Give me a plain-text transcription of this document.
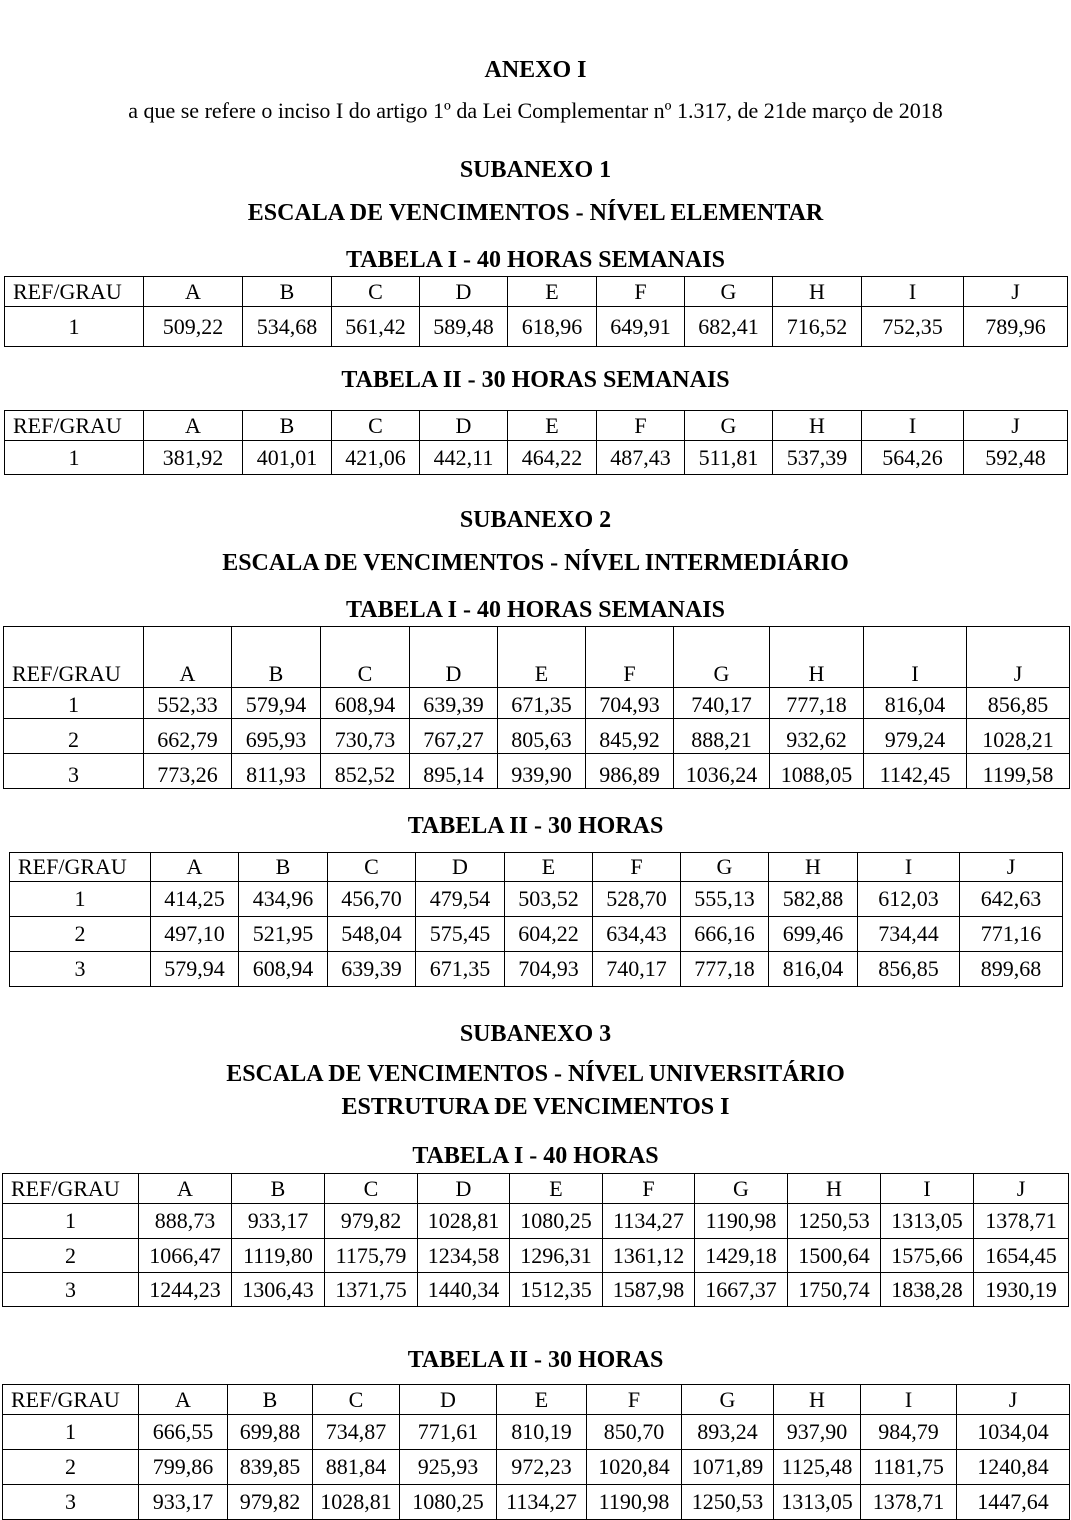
ANEXO I
a que se refere o inciso I do artigo 1º da Lei Complementar nº 1.317, de 21de março de 2018
SUBANEXO 1
ESCALA DE VENCIMENTOS - NÍVEL ELEMENTAR
TABELA I - 40 HORAS SEMANAIS
REF/GRAU	A	B	C	D	E	F	G	H	I	J
1	509,22	534,68	561,42	589,48	618,96	649,91	682,41	716,52	752,35	789,96
TABELA II - 30 HORAS SEMANAIS
REF/GRAU	A	B	C	D	E	F	G	H	I	J
1	381,92	401,01	421,06	442,11	464,22	487,43	511,81	537,39	564,26	592,48
SUBANEXO 2
ESCALA DE VENCIMENTOS - NÍVEL INTERMEDIÁRIO
TABELA I - 40 HORAS SEMANAIS
REF/GRAU	A	B	C	D	E	F	G	H	I	J
1	552,33	579,94	608,94	639,39	671,35	704,93	740,17	777,18	816,04	856,85
2	662,79	695,93	730,73	767,27	805,63	845,92	888,21	932,62	979,24	1028,21
3	773,26	811,93	852,52	895,14	939,90	986,89	1036,24	1088,05	1142,45	1199,58
TABELA II - 30 HORAS
REF/GRAU	A	B	C	D	E	F	G	H	I	J
1	414,25	434,96	456,70	479,54	503,52	528,70	555,13	582,88	612,03	642,63
2	497,10	521,95	548,04	575,45	604,22	634,43	666,16	699,46	734,44	771,16
3	579,94	608,94	639,39	671,35	704,93	740,17	777,18	816,04	856,85	899,68
SUBANEXO 3
ESCALA DE VENCIMENTOS - NÍVEL UNIVERSITÁRIO
ESTRUTURA DE VENCIMENTOS I
TABELA I - 40 HORAS
REF/GRAU	A	B	C	D	E	F	G	H	I	J
1	888,73	933,17	979,82	1028,81	1080,25	1134,27	1190,98	1250,53	1313,05	1378,71
2	1066,47	1119,80	1175,79	1234,58	1296,31	1361,12	1429,18	1500,64	1575,66	1654,45
3	1244,23	1306,43	1371,75	1440,34	1512,35	1587,98	1667,37	1750,74	1838,28	1930,19
TABELA II - 30 HORAS
REF/GRAU	A	B	C	D	E	F	G	H	I	J
1	666,55	699,88	734,87	771,61	810,19	850,70	893,24	937,90	984,79	1034,04
2	799,86	839,85	881,84	925,93	972,23	1020,84	1071,89	1125,48	1181,75	1240,84
3	933,17	979,82	1028,81	1080,25	1134,27	1190,98	1250,53	1313,05	1378,71	1447,64
